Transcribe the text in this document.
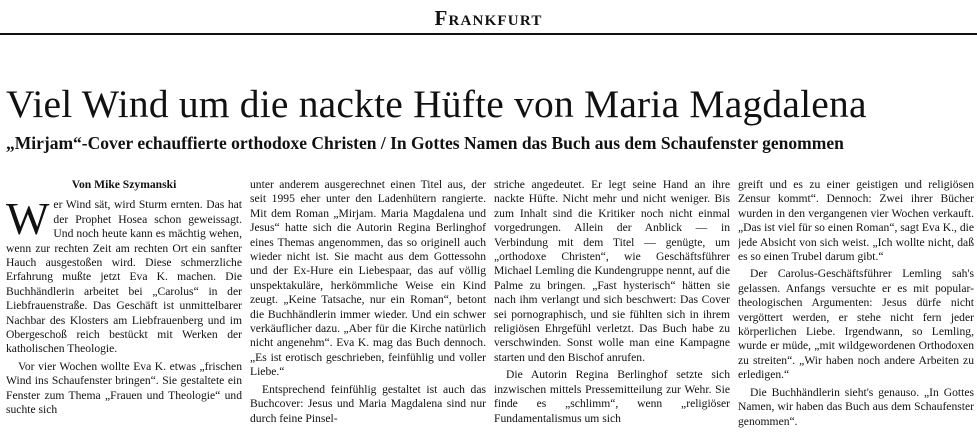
Frankfurt
Viel Wind um die nackte Hüfte von Maria Magdalena
„Mirjam“-Cover echauffierte orthodoxe Christen / In Gottes Namen das Buch aus dem Schaufenster genommen
Von Mike Szymanski

Wer Wind sät, wird Sturm ernten. Das hat der Prophet Hosea schon geweissagt. Und noch heute kann es mächtig wehen, wenn zur rechten Zeit am rechten Ort ein sanfter Hauch ausgestoßen wird. Diese schmerzliche Erfahrung mußte jetzt Eva K. machen. Die Buchhändlerin arbeitet bei „Carolus“ in der Liebfrauenstraße. Das Geschäft ist unmittelbarer Nachbar des Klosters am Liebfrauenberg und im Obergeschoß reich bestückt mit Werken der katholischen Theologie.

Vor vier Wochen wollte Eva K. etwas „frischen Wind ins Schaufenster bringen“. Sie gestaltete ein Fenster zum Thema „Frauen und Theologie“ und suchte sich

unter anderem ausgerechnet einen Titel aus, der seit 1995 eher unter den Ladenhütern rangierte. Mit dem Roman „Mirjam. Maria Magdalena und Jesus“ hatte sich die Autorin Regina Berlinghof eines Themas angenommen, das so originell auch wieder nicht ist. Sie macht aus dem Gottessohn und der Ex-Hure ein Liebespaar, das auf völlig unspektakuläre, herkömmliche Weise ein Kind zeugt. „Keine Tatsache, nur ein Roman“, betont die Buchhändlerin immer wieder. Und ein schwer verkäuflicher dazu. „Aber für die Kirche natürlich nicht angenehm“. Eva K. mag das Buch dennoch. „Es ist erotisch geschrieben, feinfühlig und voller Liebe.“

Entsprechend feinfühlig gestaltet ist auch das Buchcover: Jesus und Maria Magdalena sind nur durch feine Pinsel-

striche angedeutet. Er legt seine Hand an ihre nackte Hüfte. Nicht mehr und nicht weniger. Bis zum Inhalt sind die Kritiker noch nicht einmal vorgedrungen. Allein der Anblick — in Verbindung mit dem Titel — genügte, um „orthodoxe Christen“, wie Geschäftsführer Michael Lemling die Kundengruppe nennt, auf die Palme zu bringen. „Fast hysterisch“ hätten sie nach ihm verlangt und sich beschwert: Das Cover sei pornographisch, und sie fühlten sich in ihrem religiösen Ehrgefühl verletzt. Das Buch habe zu verschwinden. Sonst wolle man eine Kampagne starten und den Bischof anrufen.

Die Autorin Regina Berlinghof setzte sich inzwischen mittels Pressemitteilung zur Wehr. Sie finde es „schlimm“, wenn „religiöser Fundamentalismus um sich

greift und es zu einer geistigen und religiösen Zensur kommt“. Dennoch: Zwei ihrer Bücher wurden in den vergangenen vier Wochen verkauft. „Das ist viel für so einen Roman“, sagt Eva K., die jede Absicht von sich weist. „Ich wollte nicht, daß es so einen Trubel darum gibt.“

Der Carolus-Geschäftsführer Lemling sah's gelassen. Anfangs versuchte er es mit popular-theologischen Argumenten: Jesus dürfe nicht vergöttert werden, er stehe nicht fern jeder körperlichen Liebe. Irgendwann, so Lemling, wurde er müde, „mit wildgewordenen Orthodoxen zu streiten“. „Wir haben noch andere Arbeiten zu erledigen.“

Die Buchhändlerin sieht's genauso. „In Gottes Namen, wir haben das Buch aus dem Schaufenster genommen“.
